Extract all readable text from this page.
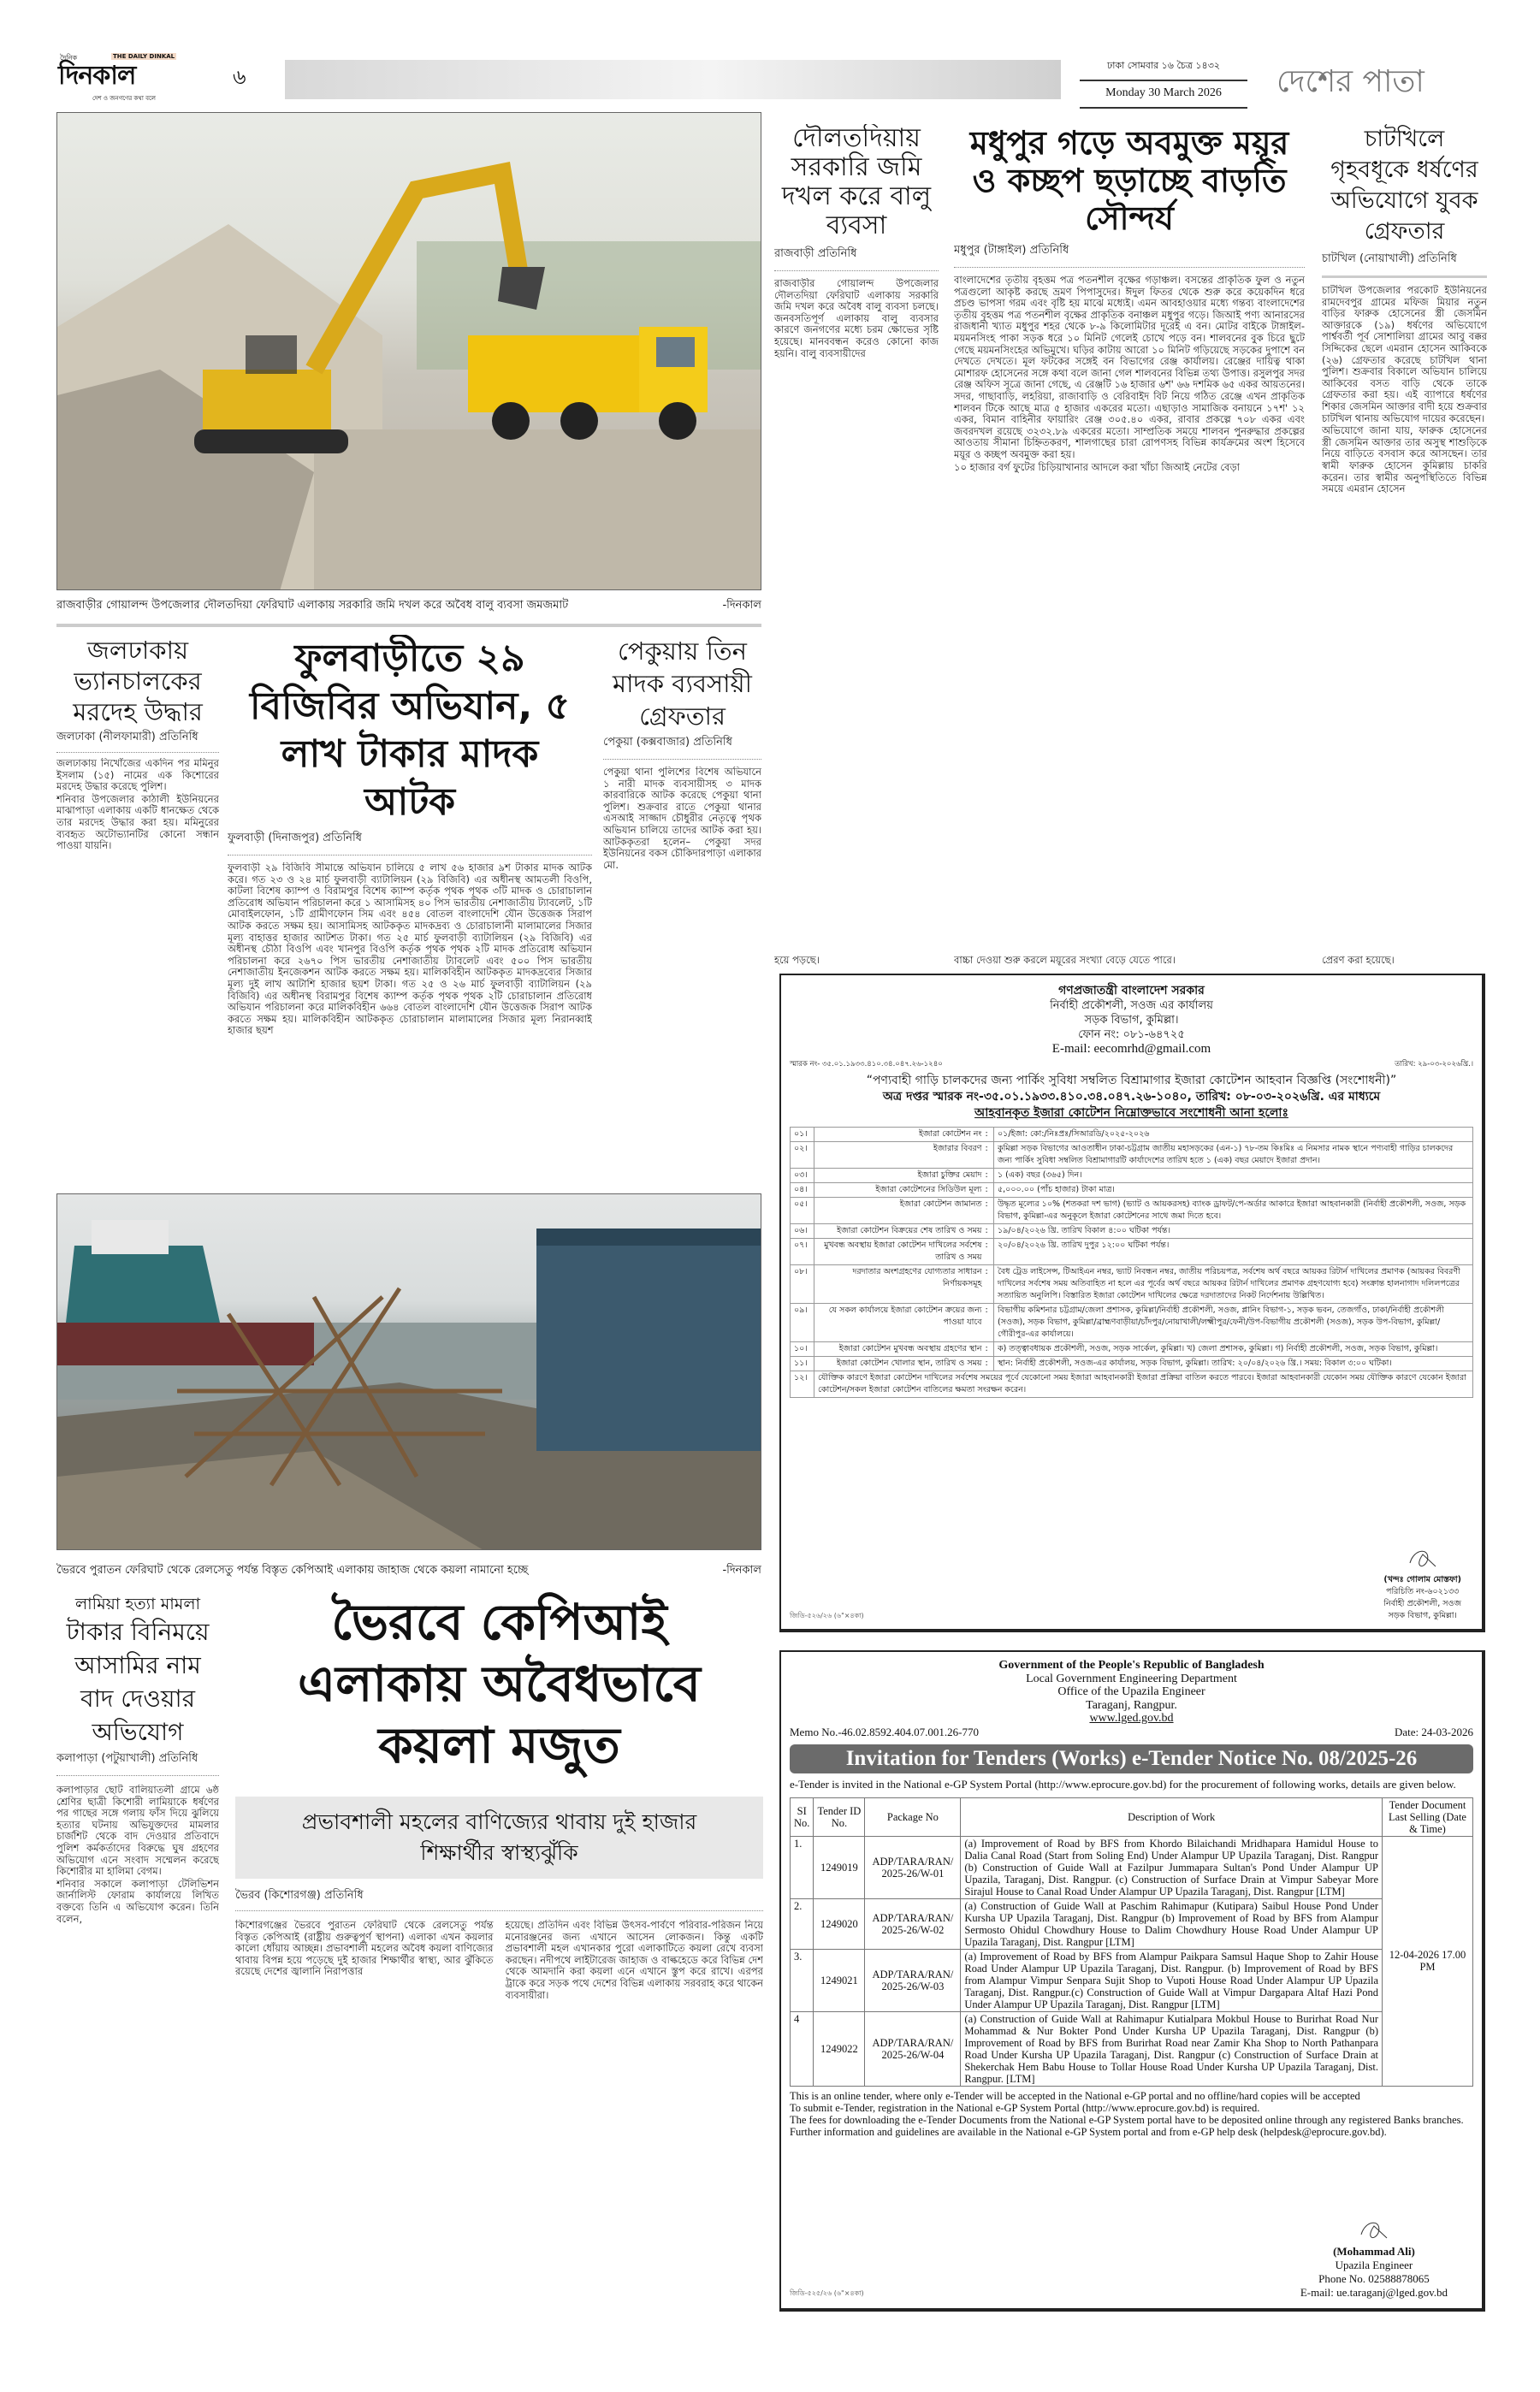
দৈনিক	THE DAILY DINKAL
দিনকাল
দেশ ও জনগণের কথা বলে
৬	ঢাকা সোমবার ১৬ চৈত্র ১৪৩২
Monday 30 March 2026	দেশের পাতা
রাজবাড়ীর গোয়ালন্দ উপজেলার দৌলতদিয়া ফেরিঘাট এলাকায় সরকারি জমি দখল করে অবৈধ বালু ব্যবসা জমজমাট	-দিনকাল
জলঢাকায় ভ্যানচালকের মরদেহ উদ্ধার
জলঢাকা (নীলফামারী) প্রতিনিধি

জলঢাকায় নিখোঁজের একদিন পর মমিনুর ইসলাম (১৫) নামের এক কিশোরের মরদেহ উদ্ধার করেছে পুলিশ।

শনিবার উপজেলার কাঠালী ইউনিয়নের মাঝাপাড়া এলাকায় একটি ধানক্ষেত থেকে তার মরদেহ উদ্ধার করা হয়। মমিনুরের ব্যবহৃত অটোভ্যানটির কোনো সন্ধান পাওয়া যায়নি।

ফুলবাড়ীতে ২৯ বিজিবির অভিযান, ৫ লাখ টাকার মাদক আটক
ফুলবাড়ী (দিনাজপুর) প্রতিনিধি
ফুলবাড়ী ২৯ বিজিবি সীমান্তে অভিযান চালিয়ে ৫ লাখ ৫৬ হাজার ৯শ টাকার মাদক আটক করে। গত ২৩ ও ২৪ মার্চ ফুলবাড়ী ব্যাটালিয়ন (২৯ বিজিবি) এর অধীনস্থ আমতলী বিওপি, কাটলা বিশেষ ক্যাম্প ও বিরামপুর বিশেষ ক্যাম্প কর্তৃক পৃথক পৃথক ৩টি মাদক ও চোরাচালান প্রতিরোধ অভিযান পরিচালনা করে ১ আসামিসহ ৪০ পিস ভারতীয় নেশাজাতীয় ট্যাবলেট, ১টি মোবাইলফোন, ১টি গ্রামীণফোন সিম এবং ৪৫৪ বোতল বাংলাদেশি যৌন উত্তেজক সিরাপ আটক করতে সক্ষম হয়। আসামিসহ আটককৃত মাদকদ্রব্য ও চোরাচালানী মালামালের সিজার মূল্য বাহাত্তর হাজার আটশত টাকা। গত ২৫ মার্চ ফুলবাড়ী ব্যাটালিয়ন (২৯ বিজিবি) এর অধীনস্থ চৌঠা বিওপি এবং খানপুর বিওপি কর্তৃক পৃথক পৃথক ২টি মাদক প্রতিরোধ অভিযান পরিচালনা করে ২৬৭০ পিস ভারতীয় নেশাজাতীয় ট্যাবলেট এবং ৫০০ পিস ভারতীয় নেশাজাতীয় ইনজেকশন আটক করতে সক্ষম হয়। মালিকবিহীন আটককৃত মাদকদ্রব্যের সিজার মূল্য দুই লাখ আটাশি হাজার ছয়শ টাকা। গত ২৫ ও ২৬ মার্চ ফুলবাড়ী ব্যাটালিয়ন (২৯ বিজিবি) এর অধীনস্থ বিরামপুর বিশেষ ক্যাম্প কর্তৃক পৃথক পৃথক ২টি চোরাচালান প্রতিরোধ অভিযান পরিচালনা করে মালিকবিহীন ৬৬৪ বোতল বাংলাদেশি যৌন উত্তেজক সিরাপ আটক করতে সক্ষম হয়। মালিকবিহীন আটককৃত চোরাচালান মালামালের সিজার মূল্য নিরানব্বাই হাজার ছয়শ
পেকুয়ায় তিন মাদক ব্যবসায়ী গ্রেফতার
পেকুয়া (কক্সবাজার) প্রতিনিধি
পেকুয়া থানা পুলিশের বিশেষ অভিযানে ১ নারী মাদক ব্যবসায়ীসহ ৩ মাদক কারবারিকে আটক করেছে পেকুয়া থানা পুলিশ। শুক্রবার রাতে পেকুয়া থানার এসআই সাজ্জাদ চৌধুরীর নেতৃত্বে পৃথক অভিযান চালিয়ে তাদের আটক করা হয়। আটককৃতরা হলেন– পেকুয়া সদর ইউনিয়নের বকস চৌকিদারপাড়া এলাকার মো.
ভৈরবে পুরাতন ফেরিঘাট থেকে রেলসেতু পর্যন্ত বিস্তৃত কেপিআই এলাকায় জাহাজ থেকে কয়লা নামানো হচ্ছে	-দিনকাল
লামিয়া হত্যা মামলা
টাকার বিনিময়ে আসামির নাম বাদ দেওয়ার অভিযোগ
কলাপাড়া (পটুয়াখালী) প্রতিনিধি

কলাপাড়ার ছোট বালিয়াতলী গ্রামে ৬ষ্ঠ শ্রেণির ছাত্রী কিশোরী লামিয়াকে ধর্ষণের পর গাছের সঙ্গে গলায় ফাঁস দিয়ে ঝুলিয়ে হত্যার ঘটনায় অভিযুক্তদের মামলার চার্জশিট থেকে বাদ দেওয়ার প্রতিবাদে পুলিশ কর্মকর্তাদের বিরুদ্ধে ঘুষ গ্রহণের অভিযোগ এনে সংবাদ সম্মেলন করেছে কিশোরীর মা হালিমা বেগম।

শনিবার সকালে কলাপাড়া টেলিভিশন জার্নালিস্ট ফোরাম কার্যালয়ে লিখিত বক্তব্যে তিনি এ অভিযোগ করেন। তিনি বলেন,

ভৈরবে কেপিআই এলাকায় অবৈধভাবে কয়লা মজুত
প্রভাবশালী মহলের বাণিজ্যের থাবায় দুই হাজার শিক্ষার্থীর স্বাস্থ্যঝুঁকি
ভৈরব (কিশোরগঞ্জ) প্রতিনিধি
কিশোরগঞ্জের ভৈরবে পুরাতন ফেরিঘাট থেকে রেলসেতু পর্যন্ত বিস্তৃত কেপিআই (রাষ্ট্রীয় গুরুত্বপূর্ণ স্থাপনা) এলাকা এখন কয়লার কালো ধোঁয়ায় আচ্ছন্ন। প্রভাবশালী মহলের অবৈধ কয়লা বাণিজ্যের থাবায় বিপন্ন হয়ে পড়েছে দুই হাজার শিক্ষার্থীর স্বাস্থ্য, আর ঝুঁকিতে রয়েছে দেশের জ্বালানি নিরাপত্তার
হয়েছে। প্রতিদিন এবং বিভিন্ন উৎসব-পার্বণে পরিবার-পরিজন নিয়ে মনোরঞ্জনের জন্য এখানে আসেন লোকজন। কিন্তু একটি প্রভাবশালী মহল এখানকার পুরো এলাকাটিতে কয়লা রেখে ব্যবসা করছেন। নদীপথে লাইটারেজ জাহাজ ও বাল্কহেডে করে বিভিন্ন দেশ থেকে আমদানি করা কয়লা এনে এখানে স্তুপ করে রাখে। এরপর ট্রাকে করে সড়ক পথে দেশের বিভিন্ন এলাকায় সরবরাহ করে থাকেন ব্যবসায়ীরা।
দৌলতদিয়ায় সরকারি জমি দখল করে বালু ব্যবসা
রাজবাড়ী প্রতিনিধি
রাজবাড়ীর গোয়ালন্দ উপজেলার দৌলতদিয়া ফেরিঘাট এলাকায় সরকারি জমি দখল করে অবৈধ বালু ব্যবসা চলছে। জনবসতিপূর্ণ এলাকায় বালু ব্যবসার কারণে জনগণের মধ্যে চরম ক্ষোভের সৃষ্টি হয়েছে। মানববন্ধন করেও কোনো কাজ হয়নি। বালু ব্যবসায়ীদের
হয়ে পড়ছে।
মধুপুর গড়ে অবমুক্ত ময়ূর ও কচ্ছপ ছড়াচ্ছে বাড়তি সৌন্দর্য
মধুপুর (টাঙ্গাইল) প্রতিনিধি

বাংলাদেশের তৃতীয় বৃহত্তম পত্র পতনশীল বৃক্ষের গড়াঞ্চল। বসন্তের প্রাকৃতিক ফুল ও নতুন পত্রগুলো আকৃষ্ট করছে ভ্রমণ পিপাসুদের। ঈদুল ফিতর থেকে শুরু করে কয়েকদিন ধরে প্রচণ্ড ভাপসা গরম এবং বৃষ্টি হয় মাঝে মধ্যেই। এমন আবহাওয়ার মধ্যে গন্তব্য বাংলাদেশের তৃতীয় বৃহত্তম পত্র পতনশীল বৃক্ষের প্রাকৃতিক বনাঞ্চল মধুপুর গড়ে। জিআই পণ্য আনারসের রাজধানী খ্যাত মধুপুর শহর থেকে ৮-৯ কিলোমিটার দূরেই এ বন। মোটর বাইকে টাঙ্গাইল-ময়মনসিংহ পাকা সড়ক ধরে ১০ মিনিট গেলেই চোখে পড়ে বন। শালবনের বুক চিরে ছুটে গেছে ময়মনসিংহের অভিমুখে। ঘড়ির কাটায় আরো ১০ মিনিট গড়িয়েছে সড়কের দুপাশে বন দেখতে দেখতে। মূল ফটকের সঙ্গেই বন বিভাগের রেঞ্জ কার্যালয়। রেঞ্জের দায়িত্ব থাকা মোশারফ হোসেনের সঙ্গে কথা বলে জানা গেল শালবনের বিভিন্ন তথ্য উপাত্ত। রসুলপুর সদর রেঞ্জ অফিস সূত্রে জানা গেছে, এ রেঞ্জটি ১৬ হাজার ৬শ' ৬৬ দশমিক ৬৫ একর আয়তনের। সদর, গাছাবাড়ি, লহরিয়া, রাজাবাড়ি ও বেরিবাইদ বিট নিয়ে গঠিত রেঞ্জে এখন প্রাকৃতিক শালবন টিকে আছে মাত্র ৫ হাজার একরের মতো। এছাড়াও সামাজিক বনায়নে ১৭শ' ১২ একর, বিমান বাহিনীর ফায়ারিং রেঞ্জ ৩০৫.৪০ একর, রাবার প্রকল্পে ৭০৮ একর এবং জবরদখল রয়েছে ৩২৩২.৮৯ একরের মতো। সাম্প্রতিক সময়ে শালবন পুনরুদ্ধার প্রকল্পের আওতায় সীমানা চিহ্নিতকরণ, শালগাছের চারা রোপণসহ বিভিন্ন কার্যক্রমের অংশ হিসেবে ময়ূর ও কচ্ছপ অবমুক্ত করা হয়।

১০ হাজার বর্গ ফুটের চিড়িয়াখানার আদলে করা খাঁচা জিআই নেটের বেড়া

বাচ্চা দেওয়া শুরু করলে ময়ূরের সংখ্যা বেড়ে যেতে পারে।
চাটখিলে গৃহবধূকে ধর্ষণের অভিযোগে যুবক গ্রেফতার
চাটখিল (নোয়াখালী) প্রতিনিধি

চাটখিল উপজেলার পরকোট ইউনিয়নের রামদেবপুর গ্রামের মফিজ মিয়ার নতুন বাড়ির ফারুক হোসেনের স্ত্রী জেসমিন আক্তারকে (১৯) ধর্ষণের অভিযোগে পার্শ্ববর্তী পূর্ব সোশালিয়া গ্রামের আবু বক্কর সিদ্দিকের ছেলে এমরান হোসেন আকিবকে (২৬) গ্রেফতার করেছে চাটখিল থানা পুলিশ। শুক্রবার বিকালে অভিযান চালিয়ে আকিবের বসত বাড়ি থেকে তাকে গ্রেফতার করা হয়। এই ব্যাপারে ধর্ষণের শিকার জেসমিন আক্তার বাদী হয়ে শুক্রবার চাটখিল থানায় অভিযোগ দায়ের করেছেন।

অভিযোগে জানা যায়, ফারুক হোসেনের স্ত্রী জেসমিন আক্তার তার অসুস্থ শাশুড়িকে নিয়ে বাড়িতে বসবাস করে আসছেন। তার স্বামী ফারুক হোসেন কুমিল্লায় চাকরি করেন। তার স্বামীর অনুপস্থিতিতে বিভিন্ন সময়ে এমরান হোসেন

প্রেরণ করা হয়েছে।
গণপ্রজাতন্ত্রী বাংলাদেশ সরকার
নির্বাহী প্রকৌশলী, সওজ এর কার্যালয়
সড়ক বিভাগ, কুমিল্লা।
ফোন নং: ০৮১-৬৪৭২৫
E-mail: eecomrhd@gmail.com
স্মারক নং- ৩৫.০১.১৯৩৩.৪১০.৩৪.০৪৭.২৬-১২৪০	তারিখ: ২৯-০৩-২০২৬খ্রি.।
“পণ্যবাহী গাড়ি চালকদের জন্য পার্কিং সুবিধা সম্বলিত বিশ্রামাগার ইজারা কোটেশন আহবান বিজ্ঞপ্তি (সংশোধনী)”
অত্র দপ্তর স্মারক নং-৩৫.০১.১৯৩৩.৪১০.৩৪.০৪৭.২৬-১০৪০, তারিখ: ০৮-০৩-২০২৬খ্রি. এর মাধ্যমে
আহবানকৃত ইজারা কোটেশন নিম্নোক্তভাবে সংশোধনী আনা হলোঃ
০১।	ইজারা কোটেশন নং	:	০১/ইজা: কো:/নিঃপ্রঃ/সিআরডি/২০২৫-২০২৬
০২।	ইজারার বিবরণ	:	কুমিল্লা সড়ক বিভাগের আওতাধীন ঢাকা-চট্টগ্রাম জাতীয় মহাসড়কের (এন-১) ৭৮-তম কিঃমিঃ এ নিমসার নামক স্থানে পণ্যবাহী গাড়ির চালকদের জন্য পার্কিং সুবিধা সম্বলিত বিশ্রামাগারটি কার্যাদেশের তারিখ হতে ১ (এক) বছর মেয়াদে ইজারা প্রদান।
০৩।	ইজারা চুক্তির মেয়াদ	:	১ (এক) বছর (৩৬৫) দিন।
০৪।	ইজারা কোটেশনের সিডিউল মূল্য	:	৫,০০০.০০ (পাঁচ হাজার) টাকা মাত্র।
০৫।	ইজারা কোটেশন জামানত	:	উদ্ধৃত মূল্যের ১০% (শতকরা দশ ভাগ) (ভ্যাট ও আয়করসহ) ব্যাংক ড্রাফট/পে-অর্ডার আকারে ইজারা আহবানকারী (নির্বাহী প্রকৌশলী, সওজ, সড়ক বিভাগ, কুমিল্লা-এর অনুকূলে ইজারা কোটেশনের সাথে জমা দিতে হবে।
০৬।	ইজারা কোটেশন বিক্রয়ের শেষ তারিখ ও সময়	:	১৯/০৪/২০২৬ খ্রি. তারিখ বিকাল ৪:০০ ঘটিকা পর্যন্ত।
০৭।	মুখবন্ধ অবস্থায় ইজারা কোটেশন দাখিলের সর্বশেষ তারিখ ও সময়	:	২০/০৪/২০২৬ খ্রি. তারিখ দুপুর ১২:০০ ঘটিকা পর্যন্ত।
০৮।	দরদাতার অংশগ্রহণের যোগ্যতার সাধারন নির্ণায়কসমূহ	:	বৈধ ট্রেড লাইসেন্স, টিআইএন নম্বর, ভ্যাট নিবন্ধন নম্বর, জাতীয় পরিচয়পত্র, সর্বশেষ অর্থ বছরে আয়কর রিটার্ন দাখিলের প্রমাণক (আয়কর বিবরণী দাখিলের সর্বশেষ সময় অতিবাহিত না হলে এর পূর্বের অর্থ বছরে আয়কর রিটার্ন দাখিলের প্রমাণক গ্রহণযোগ্য হবে) সংক্রান্ত হালনাগাদ দলিলপত্রের সত্যায়িত অনুলিপি। বিস্তারিত ইজারা কোটেশন দাখিলের ক্ষেত্রে দরদাতাদের নিকট নির্দেশনায় উল্লিখিত।
০৯।	যে সকল কার্যালয়ে ইজারা কোটেশন ক্রয়ের জন্য পাওয়া যাবে	:	বিভাগীয় কমিশনার চট্টগ্রাম/জেলা প্রশাসক, কুমিল্লা/নির্বাহী প্রকৌশলী, সওজ, প্লানিং বিভাগ-১, সড়ক ভবন, তেজগাঁও, ঢাকা/নির্বাহী প্রকৌশলী (সওজ), সড়ক বিভাগ, কুমিল্লা/ব্রাহ্মণবাড়ীয়া/চাঁদপুর/নোয়াখালী/লক্ষ্মীপুর/ফেনী/উপ-বিভাগীয় প্রকৌশলী (সওজ), সড়ক উপ-বিভাগ, কুমিল্লা/গৌরীপুর-এর কার্যালয়ে।
১০।	ইজারা কোটেশন মুখবন্ধ অবস্থায় গ্রহণের স্থান	:	ক) তত্ত্বাবধায়ক প্রকৌশলী, সওজ, সড়ক সার্কেল, কুমিল্লা। খ) জেলা প্রশাসক, কুমিল্লা। গ) নির্বাহী প্রকৌশলী, সওজ, সড়ক বিভাগ, কুমিল্লা।
১১।	ইজারা কোটেশন খোলার স্থান, তারিখ ও সময়	:	স্থান: নির্বাহী প্রকৌশলী, সওজ-এর কার্যালয়, সড়ক বিভাগ, কুমিল্লা। তারিখ: ২০/০৪/২০২৬ খ্রি.। সময়: বিকাল ৩:০০ ঘটিকা।
১২।	যৌক্তিক কারণে ইজারা কোটেশন দাখিলের সর্বশেষ সময়ের পূর্বে যেকোনো সময় ইজারা আহবানকারী ইজারা প্রক্রিয়া বাতিল করতে পারবে। ইজারা আহবানকারী যেকোন সময় যৌক্তিক কারণে যেকোন ইজারা কোটেশন/সকল ইজারা কোটেশন বাতিলের ক্ষমতা সংরক্ষন করেন।		
জিডি-৫২৬/২৬ (৬"×৪কা)
(খন্দঃ গোলাম মোস্তফা)
পরিচিতি নং-৬০২১৩৩
নির্বাহী প্রকৌশলী, সওজ
সড়ক বিভাগ, কুমিল্লা।
Government of the People's Republic of Bangladesh
Local Government Engineering Department
Office of the Upazila Engineer
Taraganj, Rangpur.
www.lged.gov.bd
Memo No.-46.02.8592.404.07.001.26-770	Date: 24-03-2026
Invitation for Tenders (Works) e-Tender Notice No. 08/2025-26
e-Tender is invited in the National e-GP System Portal (http://www.eprocure.gov.bd) for the procurement of following works, details are given below.
SI No.	Tender ID No.	Package No	Description of Work	Tender Document Last Selling (Date & Time)
1.	1249019	ADP/TARA/RAN/ 2025-26/W-01	(a) Improvement of Road by BFS from Khordo Bilaichandi Mridhapara Hamidul House to Dalia Canal Road (Start from Soling End) Under Alampur UP Upazila Taraganj, Dist. Rangpur (b) Construction of Guide Wall at Fazilpur Jummapara Sultan's Pond Under Alampur UP Upazila, Taraganj, Dist. Rangpur. (c) Construction of Surface Drain at Vimpur Sabeyar More Sirajul House to Canal Road Under Alampur UP Upazila Taraganj, Dist. Rangpur [LTM]	12-04-2026 17.00 PM
2.	1249020	ADP/TARA/RAN/ 2025-26/W-02	(a) Construction of Guide Wall at Paschim Rahimapur (Kutipara) Saibul House Pond Under Kursha UP Upazila Taraganj, Dist. Rangpur (b) Improvement of Road by BFS from Alampur Sermosto Ohidul Chowdhury House to Dalim Chowdhury House Road Under Alampur UP Upazila Taraganj, Dist. Rangpur [LTM]	
3.	1249021	ADP/TARA/RAN/ 2025-26/W-03	(a) Improvement of Road by BFS from Alampur Paikpara Samsul Haque Shop to Zahir House Road Under Alampur UP Upazila Taraganj, Dist. Rangpur. (b) Improvement of Road by BFS from Alampur Vimpur Senpara Sujit Shop to Vupoti House Road Under Alampur UP Upazila Taraganj, Dist. Rangpur.(c) Construction of Guide Wall at Vimpur Dargapara Altaf Hazi Pond Under Alampur UP Upazila Taraganj, Dist. Rangpur [LTM]	
4	1249022	ADP/TARA/RAN/ 2025-26/W-04	(a) Construction of Guide Wall at Rahimapur Kutialpara Mokbul House to Burirhat Road Nur Mohammad & Nur Bokter Pond Under Kursha UP Upazila Taraganj, Dist. Rangpur (b) Improvement of Road by BFS from Burirhat Road near Zamir Kha Shop to North Pathanpara Road Under Kursha UP Upazila Taraganj, Dist. Rangpur (c) Construction of Surface Drain at Shekerchak Hem Babu House to Tollar House Road Under Kursha UP Upazila Taraganj, Dist. Rangpur. [LTM]	
This is an online tender, where only e-Tender will be accepted in the National e-GP portal and no offline/hard copies will be accepted
To submit e-Tender, registration in the National e-GP System Portal (http://www.eprocure.gov.bd) is required.
The fees for downloading the e-Tender Documents from the National e-GP System portal have to be deposited online through any registered Banks branches.
Further information and guidelines are available in the National e-GP System portal and from e-GP help desk (helpdesk@eprocure.gov.bd).
জিডি-৫২৫/২৬ (৬"×৪কা)
(Mohammad Ali)
Upazila Engineer
Phone No. 02588878065
E-mail: ue.taraganj@lged.gov.bd
